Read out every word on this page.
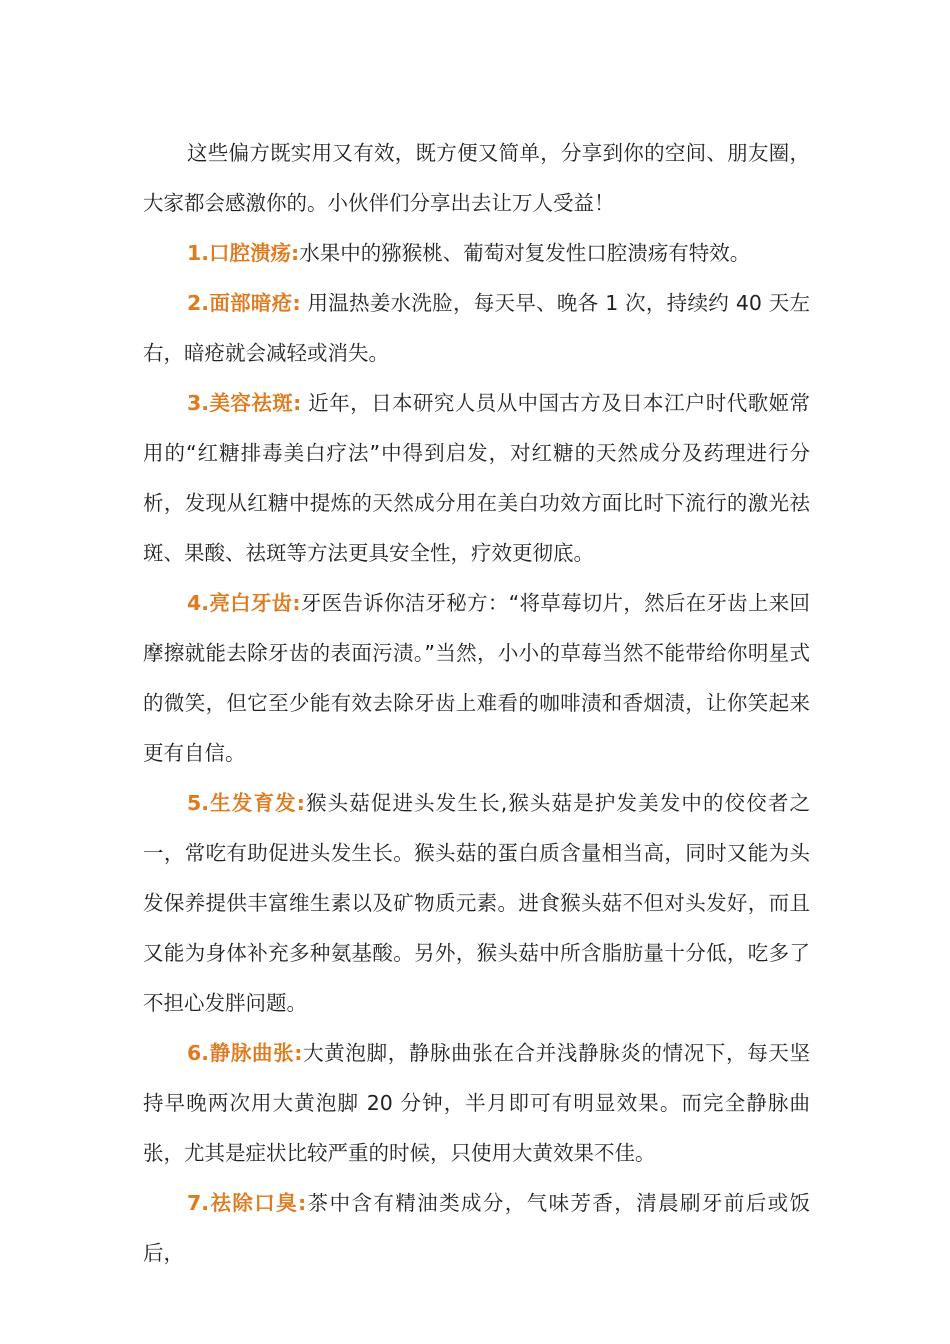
这些偏方既实用又有效，既方便又简单，分享到你的空间、朋友圈，大家都会感激你的。小伙伴们分享出去让万人受益！

1.口腔溃疡:水果中的猕猴桃、葡萄对复发性口腔溃疡有特效。

2.面部暗疮: 用温热姜水洗脸，每天早、晚各 1 次，持续约 40 天左右，暗疮就会减轻或消失。

3.美容祛斑: 近年，日本研究人员从中国古方及日本江户时代歌姬常用的“红糖排毒美白疗法”中得到启发，对红糖的天然成分及药理进行分析，发现从红糖中提炼的天然成分用在美白功效方面比时下流行的激光祛斑、果酸、祛斑等方法更具安全性，疗效更彻底。

4.亮白牙齿:牙医告诉你洁牙秘方：“将草莓切片，然后在牙齿上来回摩擦就能去除牙齿的表面污渍。”当然，小小的草莓当然不能带给你明星式的微笑，但它至少能有效去除牙齿上难看的咖啡渍和香烟渍，让你笑起来更有自信。

5.生发育发:猴头菇促进头发生长,猴头菇是护发美发中的佼佼者之一，常吃有助促进头发生长。猴头菇的蛋白质含量相当高，同时又能为头发保养提供丰富维生素以及矿物质元素。进食猴头菇不但对头发好，而且又能为身体补充多种氨基酸。另外，猴头菇中所含脂肪量十分低，吃多了不担心发胖问题。

6.静脉曲张:大黄泡脚，静脉曲张在合并浅静脉炎的情况下，每天坚持早晚两次用大黄泡脚 20 分钟，半月即可有明显效果。而完全静脉曲张，尤其是症状比较严重的时候，只使用大黄效果不佳。

7.祛除口臭:茶中含有精油类成分，气味芳香，清晨刷牙前后或饭后，
